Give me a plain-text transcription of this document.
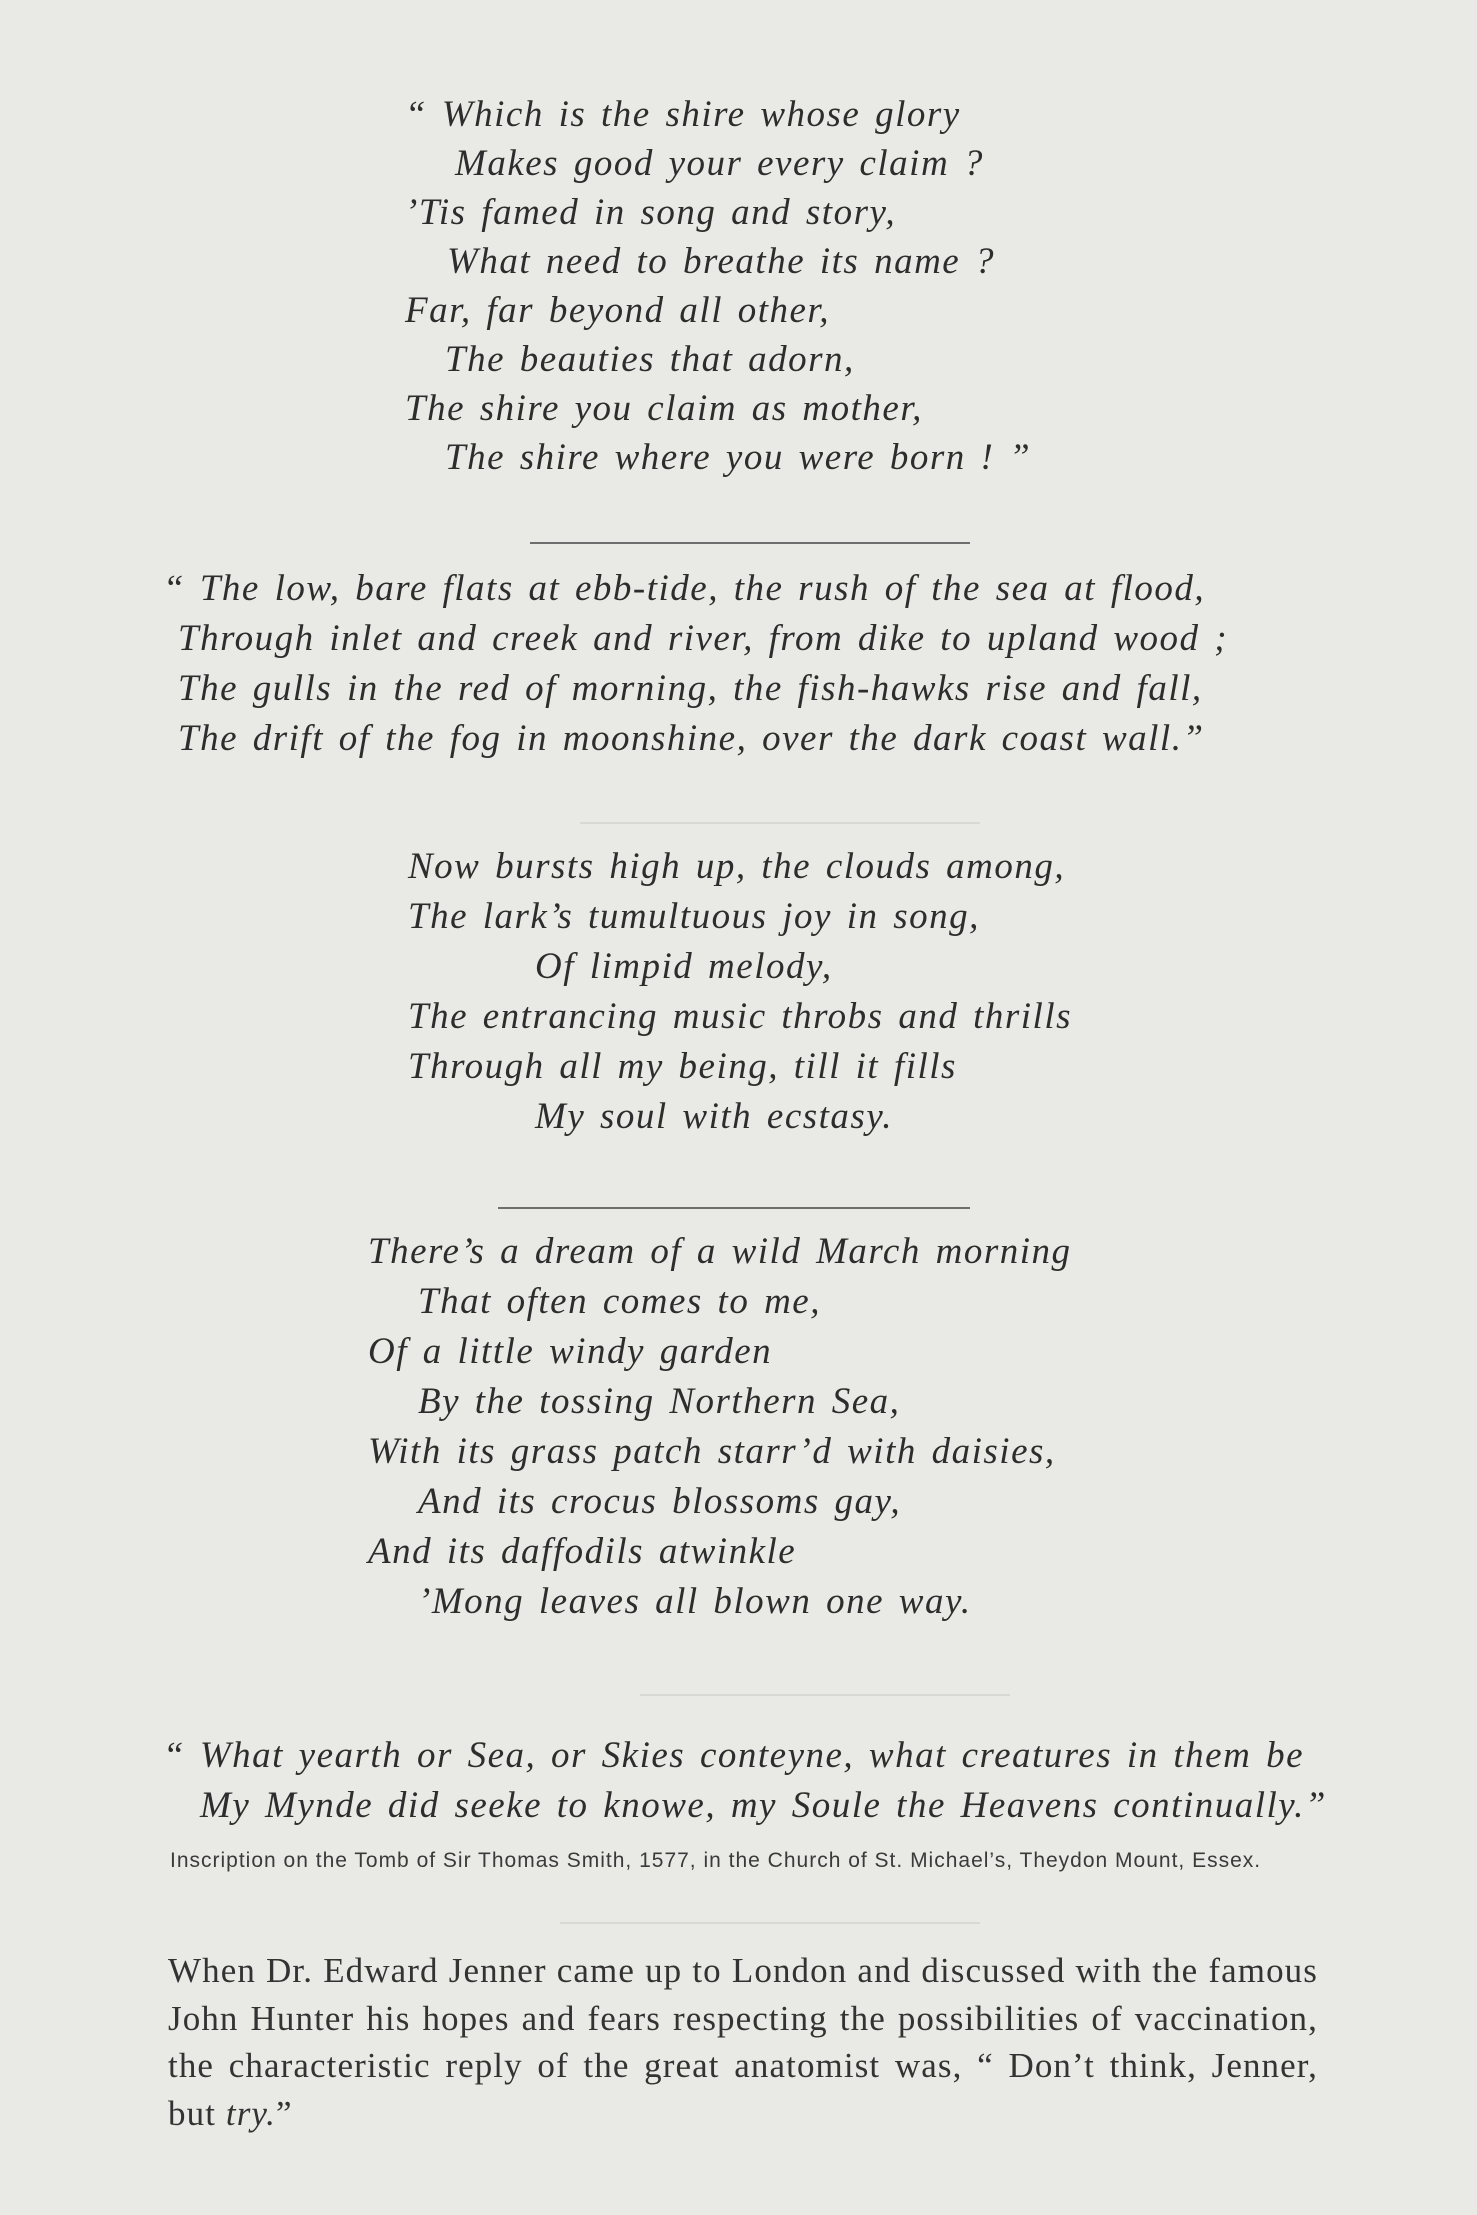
“ Which is the shire whose glory
Makes good your every claim ?
’Tis famed in song and story,
What need to breathe its name ?
Far, far beyond all other,
The beauties that adorn,
The shire you claim as mother,
The shire where you were born ! ”
“ The low, bare flats at ebb-tide, the rush of the sea at flood,
Through inlet and creek and river, from dike to upland wood ;
The gulls in the red of morning, the fish-hawks rise and fall,
The drift of the fog in moonshine, over the dark coast wall.”
Now bursts high up, the clouds among,
The lark’s tumultuous joy in song,
Of limpid melody,
The entrancing music throbs and thrills
Through all my being, till it fills
My soul with ecstasy.
There’s a dream of a wild March morning
That often comes to me,
Of a little windy garden
By the tossing Northern Sea,
With its grass patch starr’d with daisies,
And its crocus blossoms gay,
And its daffodils atwinkle
’Mong leaves all blown one way.
“ What yearth or Sea, or Skies conteyne, what creatures in them be
My Mynde did seeke to knowe, my Soule the Heavens continually.”
Inscription on the Tomb of Sir Thomas Smith, 1577, in the Church of St. Michael’s, Theydon Mount, Essex.
When Dr. Edward Jenner came up to London and discussed with the famous John Hunter his hopes and fears respecting the possibilities of vaccination, the characteristic reply of the great anatomist was, “ Don’t think, Jenner, but try.”
